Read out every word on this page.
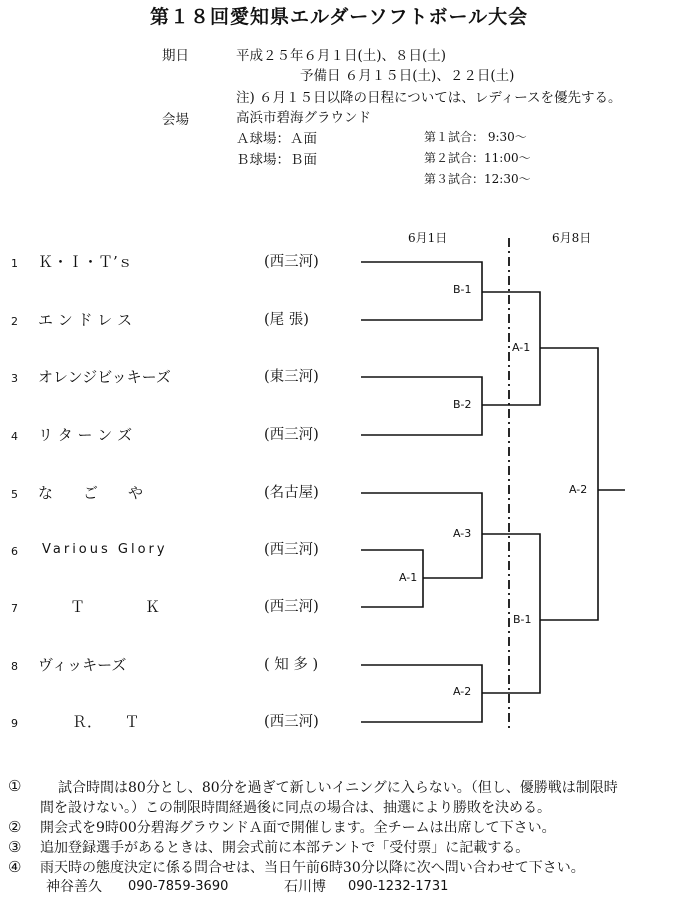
第１８回愛知県エルダーソフトボール大会
期日	平成２５年６月１日(土)、８日(土)
予備日 ６月１５日(土)、２２日(土)
注) ６月１５日以降の日程については、レディースを優先する。
会場	高浜市碧海グラウンド
Ａ球場：Ａ面
Ｂ球場：Ｂ面
第１試合： 9:30～
第２試合：11:00～
第３試合：12:30～
6月1日	6月8日
1 Ｋ・Ｉ・Ｔ’ｓ	(西三河)
2 エ ン ド レ ス	(尾 張)
3 オレンジビッキーズ	(東三河)
4 リ タ ー ン ズ	(西三河)
5 な　　ご　　や	(名古屋)
6 Various Glory	(西三河)
7	Ｔ　　　　Ｋ	(西三河)
8 ヴィッキーズ	( 知 多 )
9	Ｒ．　　Ｔ	(西三河)
B-1
B-2
A-1
A-1
A-3
A-2
B-1
A-2
①	試合時間は80分とし、80分を過ぎて新しいイニングに入らない。（但し、優勝戦は制限時
間を設けない。）この制限時間経過後に同点の場合は、抽選により勝敗を決める。
② 開会式を9時00分碧海グラウンドＡ面で開催します。全チームは出席して下さい。
③ 追加登録選手があるときは、開会式前に本部テントで「受付票」に記載する。
④ 雨天時の態度決定に係る問合せは、当日午前6時30分以降に次へ問い合わせて下さい。
神谷善久 090-7859-3690	石川博 090-1232-1731
